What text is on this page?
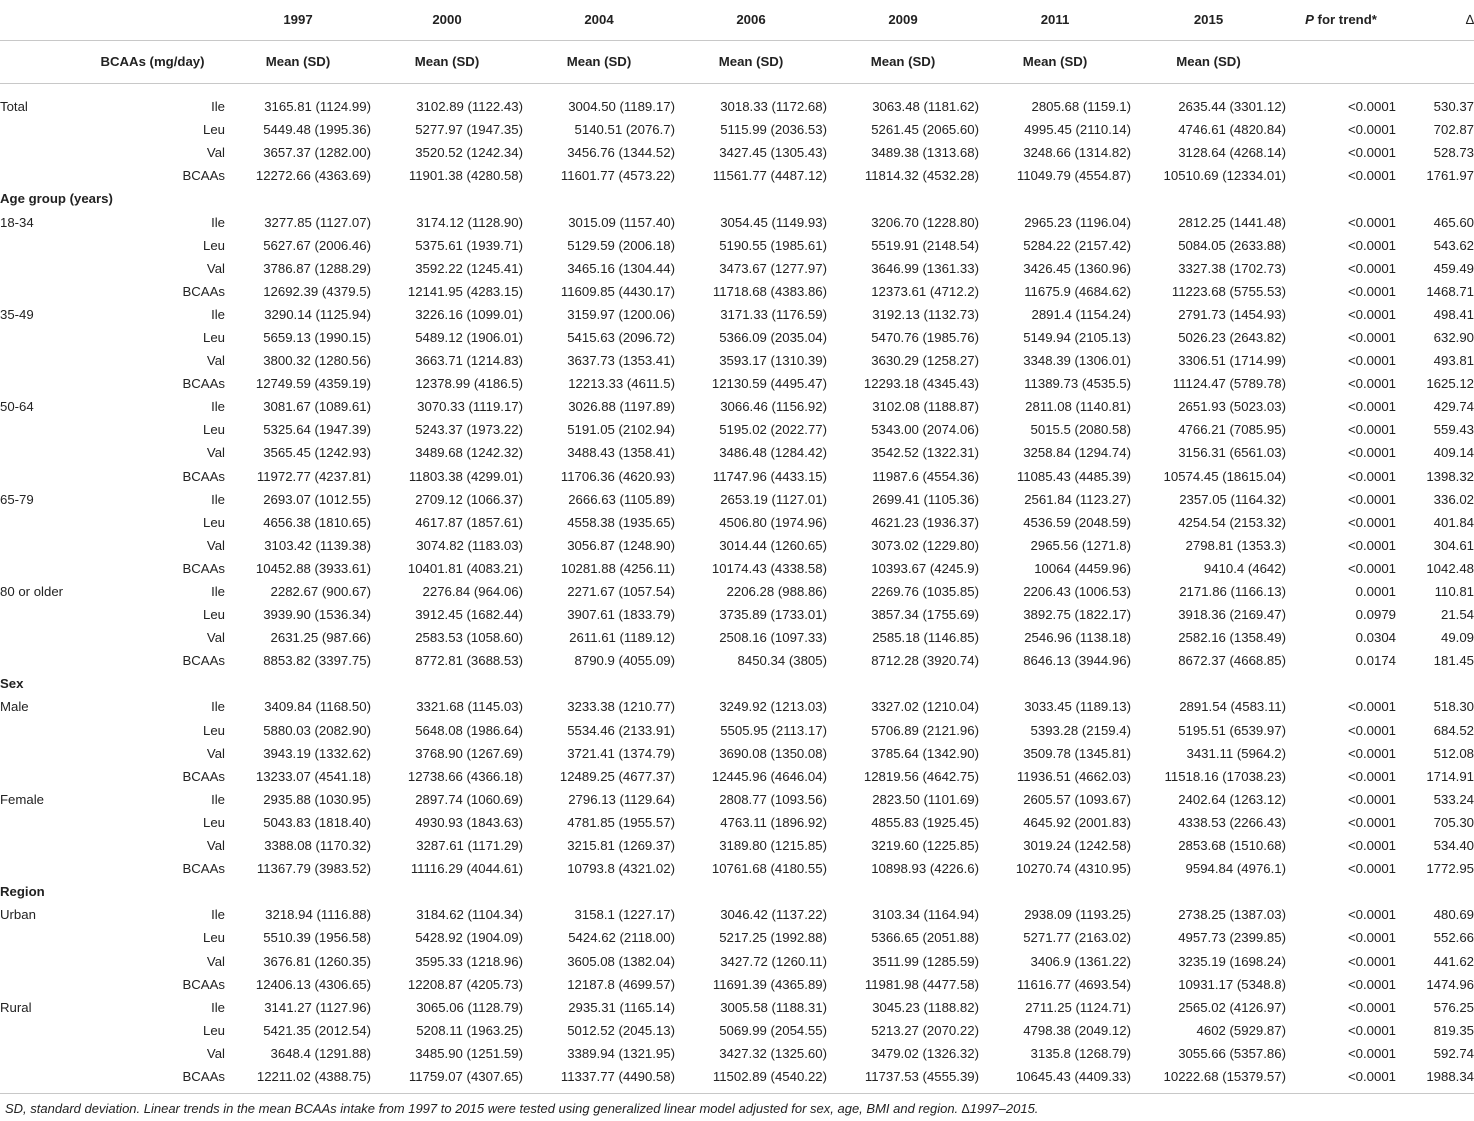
		1997	2000	2004	2006	2009	2011	2015	P for trend*	∆
	BCAAs (mg/day)	Mean (SD)	Mean (SD)	Mean (SD)	Mean (SD)	Mean (SD)	Mean (SD)	Mean (SD)		

Total	Ile	3165.81 (1124.99)	3102.89 (1122.43)	3004.50 (1189.17)	3018.33 (1172.68)	3063.48 (1181.62)	2805.68 (1159.1)	2635.44 (3301.12)	<0.0001	530.37
	Leu	5449.48 (1995.36)	5277.97 (1947.35)	5140.51 (2076.7)	5115.99 (2036.53)	5261.45 (2065.60)	4995.45 (2110.14)	4746.61 (4820.84)	<0.0001	702.87
	Val	3657.37 (1282.00)	3520.52 (1242.34)	3456.76 (1344.52)	3427.45 (1305.43)	3489.38 (1313.68)	3248.66 (1314.82)	3128.64 (4268.14)	<0.0001	528.73
	BCAAs	12272.66 (4363.69)	11901.38 (4280.58)	11601.77 (4573.22)	11561.77 (4487.12)	11814.32 (4532.28)	11049.79 (4554.87)	10510.69 (12334.01)	<0.0001	1761.97
Age group (years)										
18-34	Ile	3277.85 (1127.07)	3174.12 (1128.90)	3015.09 (1157.40)	3054.45 (1149.93)	3206.70 (1228.80)	2965.23 (1196.04)	2812.25 (1441.48)	<0.0001	465.60
	Leu	5627.67 (2006.46)	5375.61 (1939.71)	5129.59 (2006.18)	5190.55 (1985.61)	5519.91 (2148.54)	5284.22 (2157.42)	5084.05 (2633.88)	<0.0001	543.62
	Val	3786.87 (1288.29)	3592.22 (1245.41)	3465.16 (1304.44)	3473.67 (1277.97)	3646.99 (1361.33)	3426.45 (1360.96)	3327.38 (1702.73)	<0.0001	459.49
	BCAAs	12692.39 (4379.5)	12141.95 (4283.15)	11609.85 (4430.17)	11718.68 (4383.86)	12373.61 (4712.2)	11675.9 (4684.62)	11223.68 (5755.53)	<0.0001	1468.71
35-49	Ile	3290.14 (1125.94)	3226.16 (1099.01)	3159.97 (1200.06)	3171.33 (1176.59)	3192.13 (1132.73)	2891.4 (1154.24)	2791.73 (1454.93)	<0.0001	498.41
	Leu	5659.13 (1990.15)	5489.12 (1906.01)	5415.63 (2096.72)	5366.09 (2035.04)	5470.76 (1985.76)	5149.94 (2105.13)	5026.23 (2643.82)	<0.0001	632.90
	Val	3800.32 (1280.56)	3663.71 (1214.83)	3637.73 (1353.41)	3593.17 (1310.39)	3630.29 (1258.27)	3348.39 (1306.01)	3306.51 (1714.99)	<0.0001	493.81
	BCAAs	12749.59 (4359.19)	12378.99 (4186.5)	12213.33 (4611.5)	12130.59 (4495.47)	12293.18 (4345.43)	11389.73 (4535.5)	11124.47 (5789.78)	<0.0001	1625.12
50-64	Ile	3081.67 (1089.61)	3070.33 (1119.17)	3026.88 (1197.89)	3066.46 (1156.92)	3102.08 (1188.87)	2811.08 (1140.81)	2651.93 (5023.03)	<0.0001	429.74
	Leu	5325.64 (1947.39)	5243.37 (1973.22)	5191.05 (2102.94)	5195.02 (2022.77)	5343.00 (2074.06)	5015.5 (2080.58)	4766.21 (7085.95)	<0.0001	559.43
	Val	3565.45 (1242.93)	3489.68 (1242.32)	3488.43 (1358.41)	3486.48 (1284.42)	3542.52 (1322.31)	3258.84 (1294.74)	3156.31 (6561.03)	<0.0001	409.14
	BCAAs	11972.77 (4237.81)	11803.38 (4299.01)	11706.36 (4620.93)	11747.96 (4433.15)	11987.6 (4554.36)	11085.43 (4485.39)	10574.45 (18615.04)	<0.0001	1398.32
65-79	Ile	2693.07 (1012.55)	2709.12 (1066.37)	2666.63 (1105.89)	2653.19 (1127.01)	2699.41 (1105.36)	2561.84 (1123.27)	2357.05 (1164.32)	<0.0001	336.02
	Leu	4656.38 (1810.65)	4617.87 (1857.61)	4558.38 (1935.65)	4506.80 (1974.96)	4621.23 (1936.37)	4536.59 (2048.59)	4254.54 (2153.32)	<0.0001	401.84
	Val	3103.42 (1139.38)	3074.82 (1183.03)	3056.87 (1248.90)	3014.44 (1260.65)	3073.02 (1229.80)	2965.56 (1271.8)	2798.81 (1353.3)	<0.0001	304.61
	BCAAs	10452.88 (3933.61)	10401.81 (4083.21)	10281.88 (4256.11)	10174.43 (4338.58)	10393.67 (4245.9)	10064 (4459.96)	9410.4 (4642)	<0.0001	1042.48
80 or older	Ile	2282.67 (900.67)	2276.84 (964.06)	2271.67 (1057.54)	2206.28 (988.86)	2269.76 (1035.85)	2206.43 (1006.53)	2171.86 (1166.13)	0.0001	110.81
	Leu	3939.90 (1536.34)	3912.45 (1682.44)	3907.61 (1833.79)	3735.89 (1733.01)	3857.34 (1755.69)	3892.75 (1822.17)	3918.36 (2169.47)	0.0979	21.54
	Val	2631.25 (987.66)	2583.53 (1058.60)	2611.61 (1189.12)	2508.16 (1097.33)	2585.18 (1146.85)	2546.96 (1138.18)	2582.16 (1358.49)	0.0304	49.09
	BCAAs	8853.82 (3397.75)	8772.81 (3688.53)	8790.9 (4055.09)	8450.34 (3805)	8712.28 (3920.74)	8646.13 (3944.96)	8672.37 (4668.85)	0.0174	181.45
Sex										
Male	Ile	3409.84 (1168.50)	3321.68 (1145.03)	3233.38 (1210.77)	3249.92 (1213.03)	3327.02 (1210.04)	3033.45 (1189.13)	2891.54 (4583.11)	<0.0001	518.30
	Leu	5880.03 (2082.90)	5648.08 (1986.64)	5534.46 (2133.91)	5505.95 (2113.17)	5706.89 (2121.96)	5393.28 (2159.4)	5195.51 (6539.97)	<0.0001	684.52
	Val	3943.19 (1332.62)	3768.90 (1267.69)	3721.41 (1374.79)	3690.08 (1350.08)	3785.64 (1342.90)	3509.78 (1345.81)	3431.11 (5964.2)	<0.0001	512.08
	BCAAs	13233.07 (4541.18)	12738.66 (4366.18)	12489.25 (4677.37)	12445.96 (4646.04)	12819.56 (4642.75)	11936.51 (4662.03)	11518.16 (17038.23)	<0.0001	1714.91
Female	Ile	2935.88 (1030.95)	2897.74 (1060.69)	2796.13 (1129.64)	2808.77 (1093.56)	2823.50 (1101.69)	2605.57 (1093.67)	2402.64 (1263.12)	<0.0001	533.24
	Leu	5043.83 (1818.40)	4930.93 (1843.63)	4781.85 (1955.57)	4763.11 (1896.92)	4855.83 (1925.45)	4645.92 (2001.83)	4338.53 (2266.43)	<0.0001	705.30
	Val	3388.08 (1170.32)	3287.61 (1171.29)	3215.81 (1269.37)	3189.80 (1215.85)	3219.60 (1225.85)	3019.24 (1242.58)	2853.68 (1510.68)	<0.0001	534.40
	BCAAs	11367.79 (3983.52)	11116.29 (4044.61)	10793.8 (4321.02)	10761.68 (4180.55)	10898.93 (4226.6)	10270.74 (4310.95)	9594.84 (4976.1)	<0.0001	1772.95
Region										
Urban	Ile	3218.94 (1116.88)	3184.62 (1104.34)	3158.1 (1227.17)	3046.42 (1137.22)	3103.34 (1164.94)	2938.09 (1193.25)	2738.25 (1387.03)	<0.0001	480.69
	Leu	5510.39 (1956.58)	5428.92 (1904.09)	5424.62 (2118.00)	5217.25 (1992.88)	5366.65 (2051.88)	5271.77 (2163.02)	4957.73 (2399.85)	<0.0001	552.66
	Val	3676.81 (1260.35)	3595.33 (1218.96)	3605.08 (1382.04)	3427.72 (1260.11)	3511.99 (1285.59)	3406.9 (1361.22)	3235.19 (1698.24)	<0.0001	441.62
	BCAAs	12406.13 (4306.65)	12208.87 (4205.73)	12187.8 (4699.57)	11691.39 (4365.89)	11981.98 (4477.58)	11616.77 (4693.54)	10931.17 (5348.8)	<0.0001	1474.96
Rural	Ile	3141.27 (1127.96)	3065.06 (1128.79)	2935.31 (1165.14)	3005.58 (1188.31)	3045.23 (1188.82)	2711.25 (1124.71)	2565.02 (4126.97)	<0.0001	576.25
	Leu	5421.35 (2012.54)	5208.11 (1963.25)	5012.52 (2045.13)	5069.99 (2054.55)	5213.27 (2070.22)	4798.38 (2049.12)	4602 (5929.87)	<0.0001	819.35
	Val	3648.4 (1291.88)	3485.90 (1251.59)	3389.94 (1321.95)	3427.32 (1325.60)	3479.02 (1326.32)	3135.8 (1268.79)	3055.66 (5357.86)	<0.0001	592.74
	BCAAs	12211.02 (4388.75)	11759.07 (4307.65)	11337.77 (4490.58)	11502.89 (4540.22)	11737.53 (4555.39)	10645.43 (4409.33)	10222.68 (15379.57)	<0.0001	1988.34
SD, standard deviation. Linear trends in the mean BCAAs intake from 1997 to 2015 were tested using generalized linear model adjusted for sex, age, BMI and region. ∆1997–2015.
